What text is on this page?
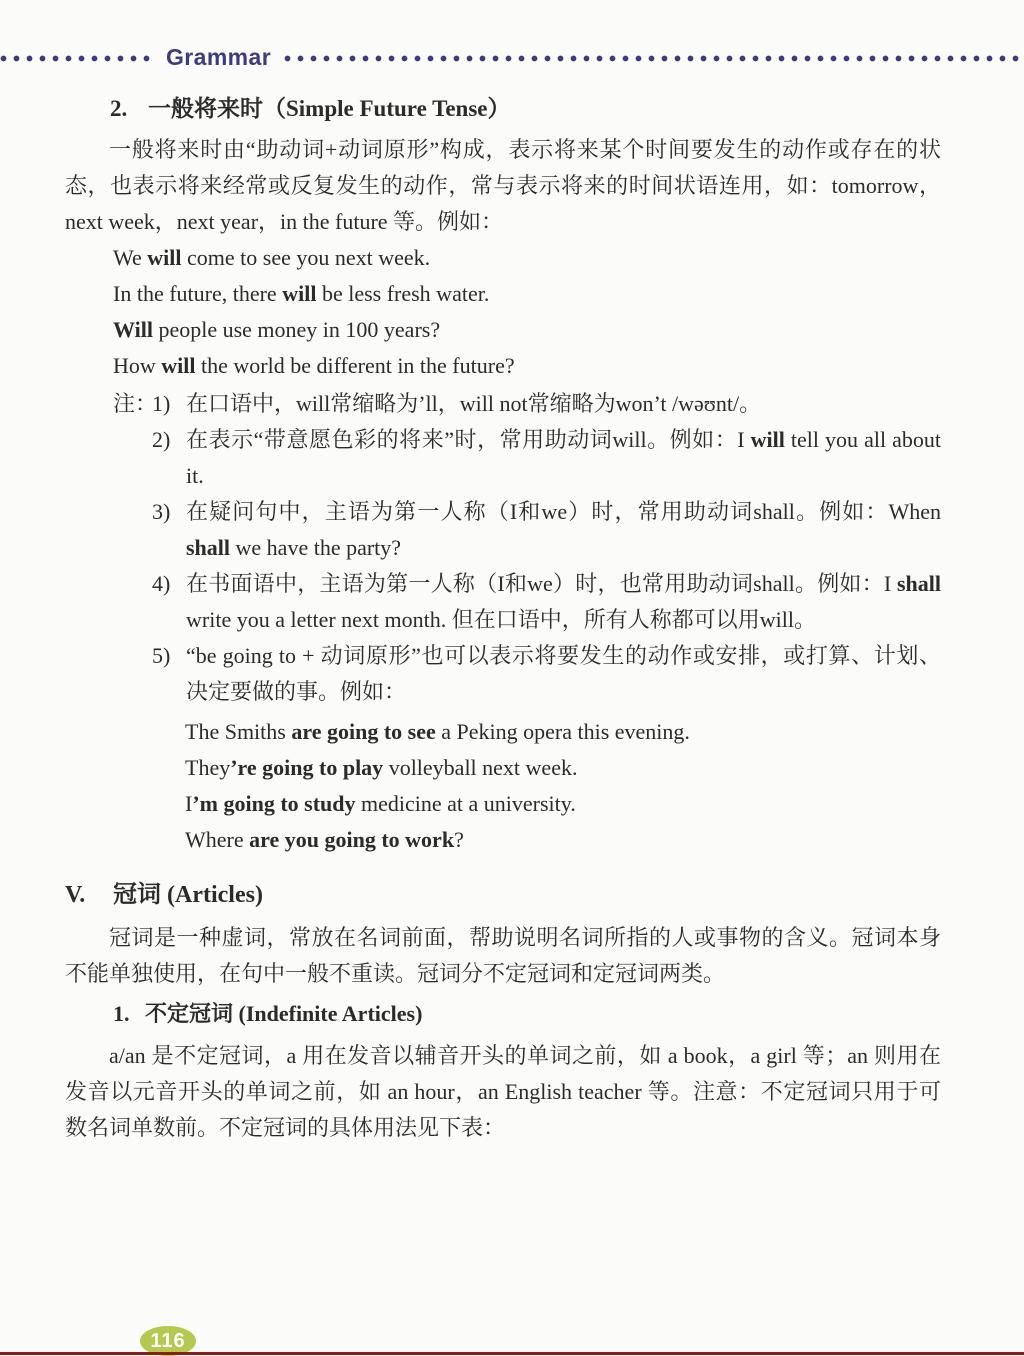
Grammar
2. 一般将来时（Simple Future Tense）
一般将来时由“助动词+动词原形”构成，表示将来某个时间要发生的动作或存在的状态，也表示将来经常或反复发生的动作，常与表示将来的时间状语连用，如：tomorrow，next week，next year，in the future 等。例如：
We will come to see you next week.
In the future, there will be less fresh water.
Will people use money in 100 years?
How will the world be different in the future?
注：
1) 在口语中，will常缩略为’ll，will not常缩略为won’t /wəʊnt/。
2) 在表示“带意愿色彩的将来”时，常用助动词will。例如：I will tell you all about it.
3) 在疑问句中，主语为第一人称（I和we）时，常用助动词shall。例如：When shall we have the party?
4) 在书面语中，主语为第一人称（I和we）时，也常用助动词shall。例如：I shall write you a letter next month. 但在口语中，所有人称都可以用will。
5) “be going to + 动词原形”也可以表示将要发生的动作或安排，或打算、计划、决定要做的事。例如：
The Smiths are going to see a Peking opera this evening.
They’re going to play volleyball next week.
I’m going to study medicine at a university.
Where are you going to work?
V. 冠词 (Articles)
冠词是一种虚词，常放在名词前面，帮助说明名词所指的人或事物的含义。冠词本身不能单独使用，在句中一般不重读。冠词分不定冠词和定冠词两类。
1. 不定冠词 (Indefinite Articles)
a/an 是不定冠词，a 用在发音以辅音开头的单词之前，如 a book，a girl 等；an 则用在发音以元音开头的单词之前，如 an hour，an English teacher 等。注意：不定冠词只用于可数名词单数前。不定冠词的具体用法见下表：
116
